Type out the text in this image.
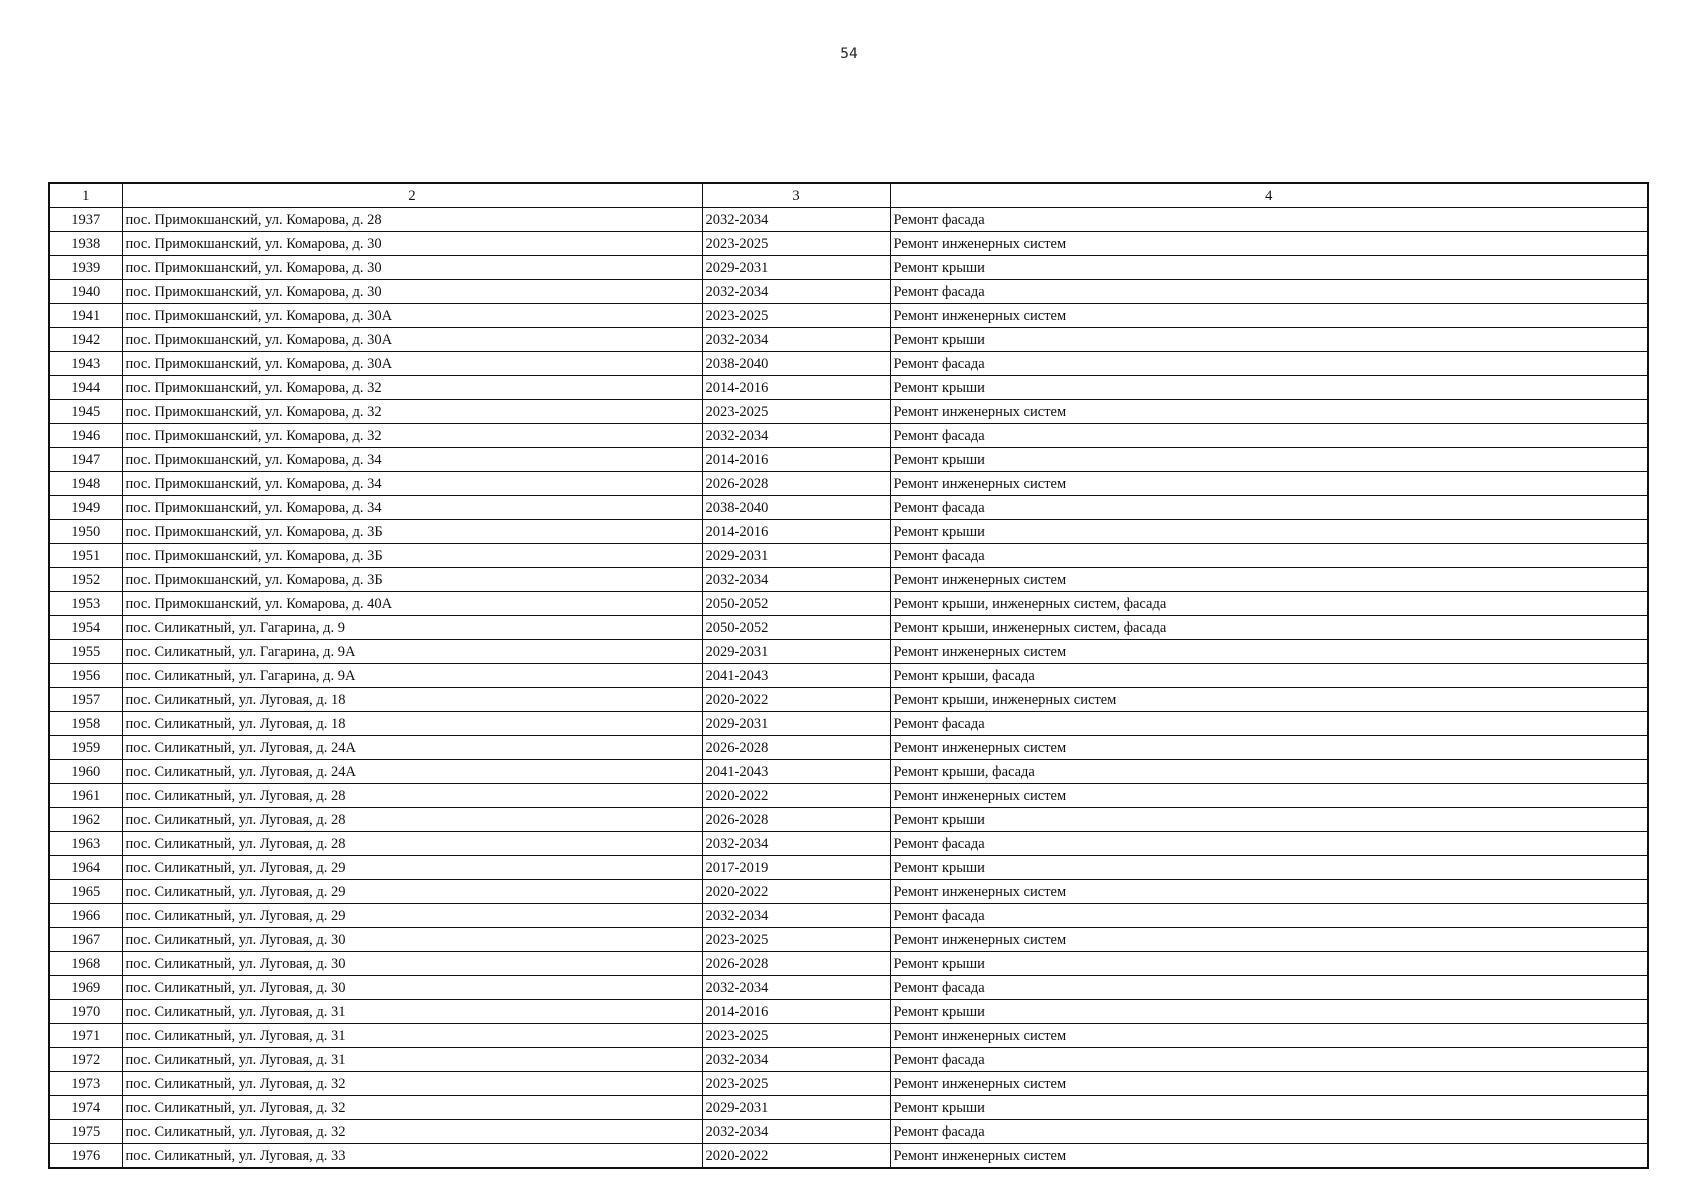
54
1	2	3	4
1937	пос. Примокшанский, ул. Комарова, д. 28	2032-2034	Ремонт фасада
1938	пос. Примокшанский, ул. Комарова, д. 30	2023-2025	Ремонт инженерных систем
1939	пос. Примокшанский, ул. Комарова, д. 30	2029-2031	Ремонт крыши
1940	пос. Примокшанский, ул. Комарова, д. 30	2032-2034	Ремонт фасада
1941	пос. Примокшанский, ул. Комарова, д. 30А	2023-2025	Ремонт инженерных систем
1942	пос. Примокшанский, ул. Комарова, д. 30А	2032-2034	Ремонт крыши
1943	пос. Примокшанский, ул. Комарова, д. 30А	2038-2040	Ремонт фасада
1944	пос. Примокшанский, ул. Комарова, д. 32	2014-2016	Ремонт крыши
1945	пос. Примокшанский, ул. Комарова, д. 32	2023-2025	Ремонт инженерных систем
1946	пос. Примокшанский, ул. Комарова, д. 32	2032-2034	Ремонт фасада
1947	пос. Примокшанский, ул. Комарова, д. 34	2014-2016	Ремонт крыши
1948	пос. Примокшанский, ул. Комарова, д. 34	2026-2028	Ремонт инженерных систем
1949	пос. Примокшанский, ул. Комарова, д. 34	2038-2040	Ремонт фасада
1950	пос. Примокшанский, ул. Комарова, д. 3Б	2014-2016	Ремонт крыши
1951	пос. Примокшанский, ул. Комарова, д. 3Б	2029-2031	Ремонт фасада
1952	пос. Примокшанский, ул. Комарова, д. 3Б	2032-2034	Ремонт инженерных систем
1953	пос. Примокшанский, ул. Комарова, д. 40А	2050-2052	Ремонт крыши, инженерных систем, фасада
1954	пос. Силикатный, ул. Гагарина, д. 9	2050-2052	Ремонт крыши, инженерных систем, фасада
1955	пос. Силикатный, ул. Гагарина, д. 9А	2029-2031	Ремонт инженерных систем
1956	пос. Силикатный, ул. Гагарина, д. 9А	2041-2043	Ремонт крыши, фасада
1957	пос. Силикатный, ул. Луговая, д. 18	2020-2022	Ремонт крыши, инженерных систем
1958	пос. Силикатный, ул. Луговая, д. 18	2029-2031	Ремонт фасада
1959	пос. Силикатный, ул. Луговая, д. 24А	2026-2028	Ремонт инженерных систем
1960	пос. Силикатный, ул. Луговая, д. 24А	2041-2043	Ремонт крыши, фасада
1961	пос. Силикатный, ул. Луговая, д. 28	2020-2022	Ремонт инженерных систем
1962	пос. Силикатный, ул. Луговая, д. 28	2026-2028	Ремонт крыши
1963	пос. Силикатный, ул. Луговая, д. 28	2032-2034	Ремонт фасада
1964	пос. Силикатный, ул. Луговая, д. 29	2017-2019	Ремонт крыши
1965	пос. Силикатный, ул. Луговая, д. 29	2020-2022	Ремонт инженерных систем
1966	пос. Силикатный, ул. Луговая, д. 29	2032-2034	Ремонт фасада
1967	пос. Силикатный, ул. Луговая, д. 30	2023-2025	Ремонт инженерных систем
1968	пос. Силикатный, ул. Луговая, д. 30	2026-2028	Ремонт крыши
1969	пос. Силикатный, ул. Луговая, д. 30	2032-2034	Ремонт фасада
1970	пос. Силикатный, ул. Луговая, д. 31	2014-2016	Ремонт крыши
1971	пос. Силикатный, ул. Луговая, д. 31	2023-2025	Ремонт инженерных систем
1972	пос. Силикатный, ул. Луговая, д. 31	2032-2034	Ремонт фасада
1973	пос. Силикатный, ул. Луговая, д. 32	2023-2025	Ремонт инженерных систем
1974	пос. Силикатный, ул. Луговая, д. 32	2029-2031	Ремонт крыши
1975	пос. Силикатный, ул. Луговая, д. 32	2032-2034	Ремонт фасада
1976	пос. Силикатный, ул. Луговая, д. 33	2020-2022	Ремонт инженерных систем
